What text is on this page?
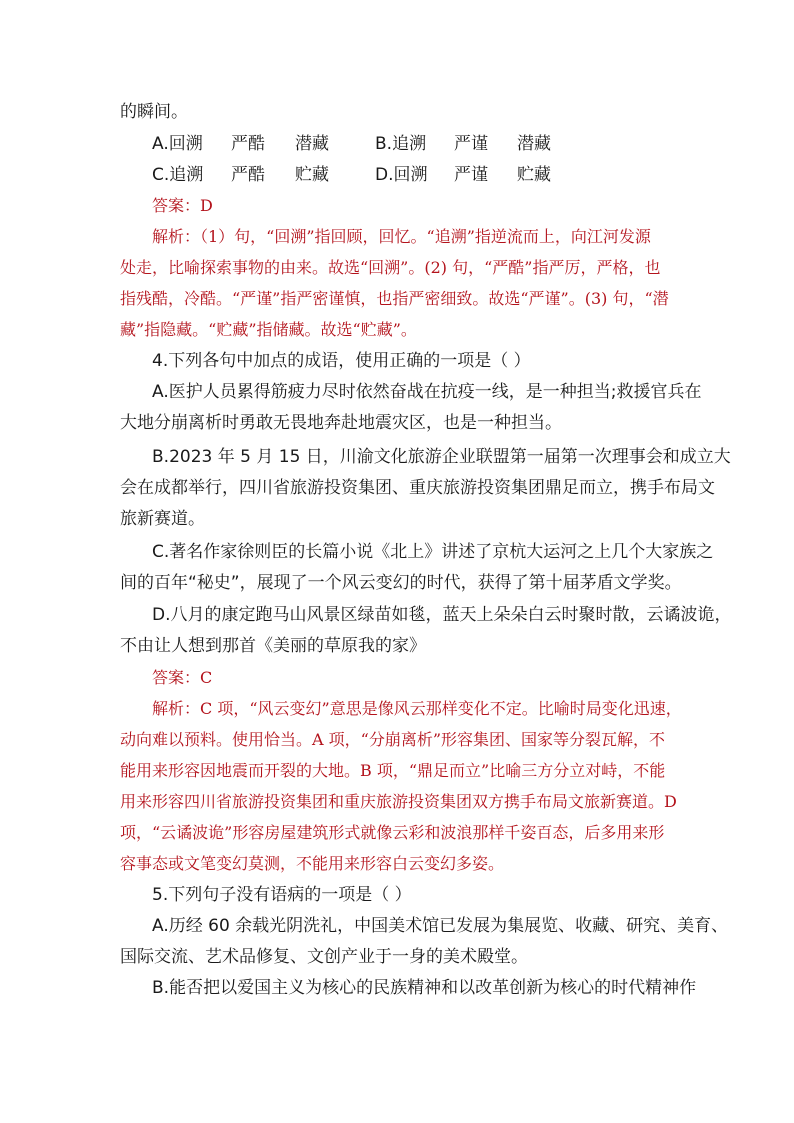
的瞬间。
A.回溯 严酷 潜藏	B.追溯 严谨 潜藏
C.追溯 严酷 贮藏	D.回溯 严谨 贮藏
答案：D
解析：（1）句，“回溯”指回顾，回忆。“追溯”指逆流而上，向江河发源
处走，比喻探索事物的由来。故选“回溯”。(2) 句，“严酷”指严厉，严格，也
指残酷，冷酷。“严谨”指严密谨慎，也指严密细致。故选“严谨”。(3) 句，“潜
藏”指隐藏。“贮藏”指储藏。故选“贮藏”。
4.下列各句中加点的成语，使用正确的一项是（ ）
A.医护人员累得筋疲力尽时依然奋战在抗疫一线，是一种担当;救援官兵在
大地分崩离析时勇敢无畏地奔赴地震灾区，也是一种担当。
B.2023 年 5 月 15 日，川渝文化旅游企业联盟第一届第一次理事会和成立大
会在成都举行，四川省旅游投资集团、重庆旅游投资集团鼎足而立，携手布局文
旅新赛道。
C.著名作家徐则臣的长篇小说《北上》讲述了京杭大运河之上几个大家族之
间的百年“秘史”，展现了一个风云变幻的时代，获得了第十届茅盾文学奖。
D.八月的康定跑马山风景区绿苗如毯，蓝天上朵朵白云时聚时散，云谲波诡，
不由让人想到那首《美丽的草原我的家》
答案：C
解析：C 项，“风云变幻”意思是像风云那样变化不定。比喻时局变化迅速，
动向难以预料。使用恰当。A 项，“分崩离析”形容集团、国家等分裂瓦解，不
能用来形容因地震而开裂的大地。B 项，“鼎足而立”比喻三方分立对峙，不能
用来形容四川省旅游投资集团和重庆旅游投资集团双方携手布局文旅新赛道。D
项，“云谲波诡”形容房屋建筑形式就像云彩和波浪那样千姿百态，后多用来形
容事态或文笔变幻莫测，不能用来形容白云变幻多姿。
5.下列句子没有语病的一项是（ ）
A.历经 60 余载光阴洗礼，中国美术馆已发展为集展览、收藏、研究、美育、
国际交流、艺术品修复、文创产业于一身的美术殿堂。
B.能否把以爱国主义为核心的民族精神和以改革创新为核心的时代精神作
